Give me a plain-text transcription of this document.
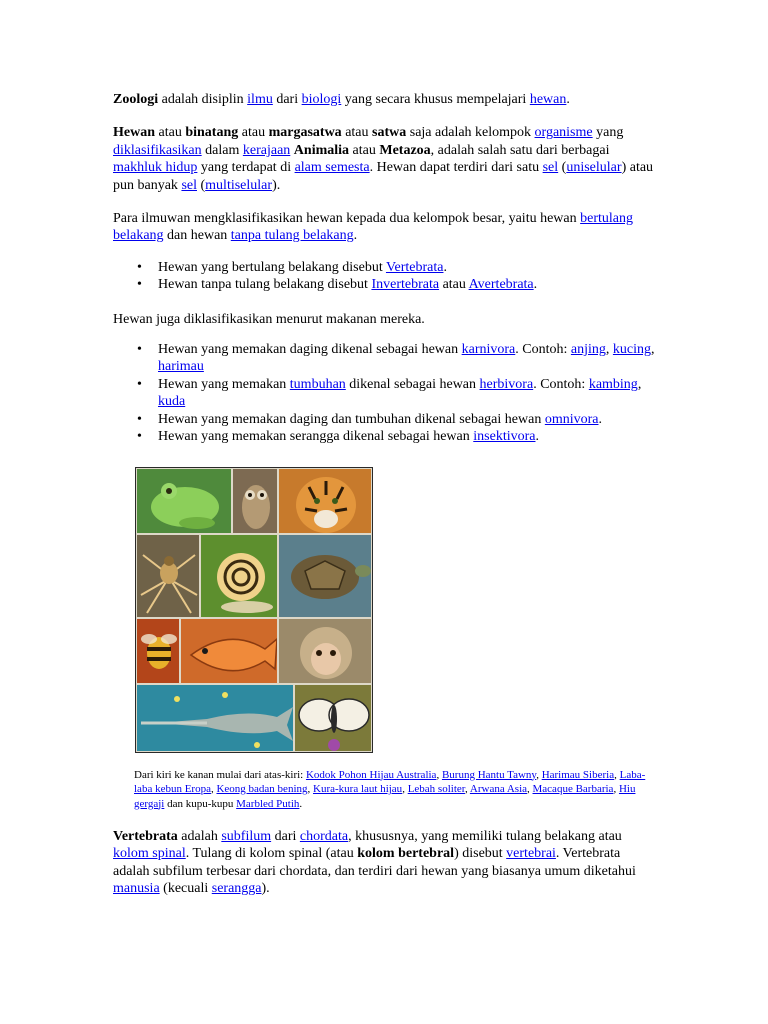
Zoologi adalah disiplin ilmu dari biologi yang secara khusus mempelajari hewan.

Hewan atau binatang atau margasatwa atau satwa saja adalah kelompok organisme yang diklasifikasikan dalam kerajaan Animalia atau Metazoa, adalah salah satu dari berbagai makhluk hidup yang terdapat di alam semesta. Hewan dapat terdiri dari satu sel (uniselular) atau pun banyak sel (multiselular).

Para ilmuwan mengklasifikasikan hewan kepada dua kelompok besar, yaitu hewan bertulang belakang dan hewan tanpa tulang belakang.

• Hewan yang bertulang belakang disebut Vertebrata.
• Hewan tanpa tulang belakang disebut Invertebrata atau Avertebrata.

Hewan juga diklasifikasikan menurut makanan mereka.

• Hewan yang memakan daging dikenal sebagai hewan karnivora. Contoh: anjing, kucing, harimau
• Hewan yang memakan tumbuhan dikenal sebagai hewan herbivora. Contoh: kambing, kuda
• Hewan yang memakan daging dan tumbuhan dikenal sebagai hewan omnivora.
• Hewan yang memakan serangga dikenal sebagai hewan insektivora.

Dari kiri ke kanan mulai dari atas-kiri: Kodok Pohon Hijau Australia, Burung Hantu Tawny, Harimau Siberia, Laba-laba kebun Eropa, Keong badan bening, Kura-kura laut hijau, Lebah soliter, Arwana Asia, Macaque Barbaria, Hiu gergaji dan kupu-kupu Marbled Putih.

Vertebrata adalah subfilum dari chordata, khususnya, yang memiliki tulang belakang atau kolom spinal. Tulang di kolom spinal (atau kolom bertebral) disebut vertebrai. Vertebrata adalah subfilum terbesar dari chordata, dan terdiri dari hewan yang biasanya umum diketahui manusia (kecuali serangga).
